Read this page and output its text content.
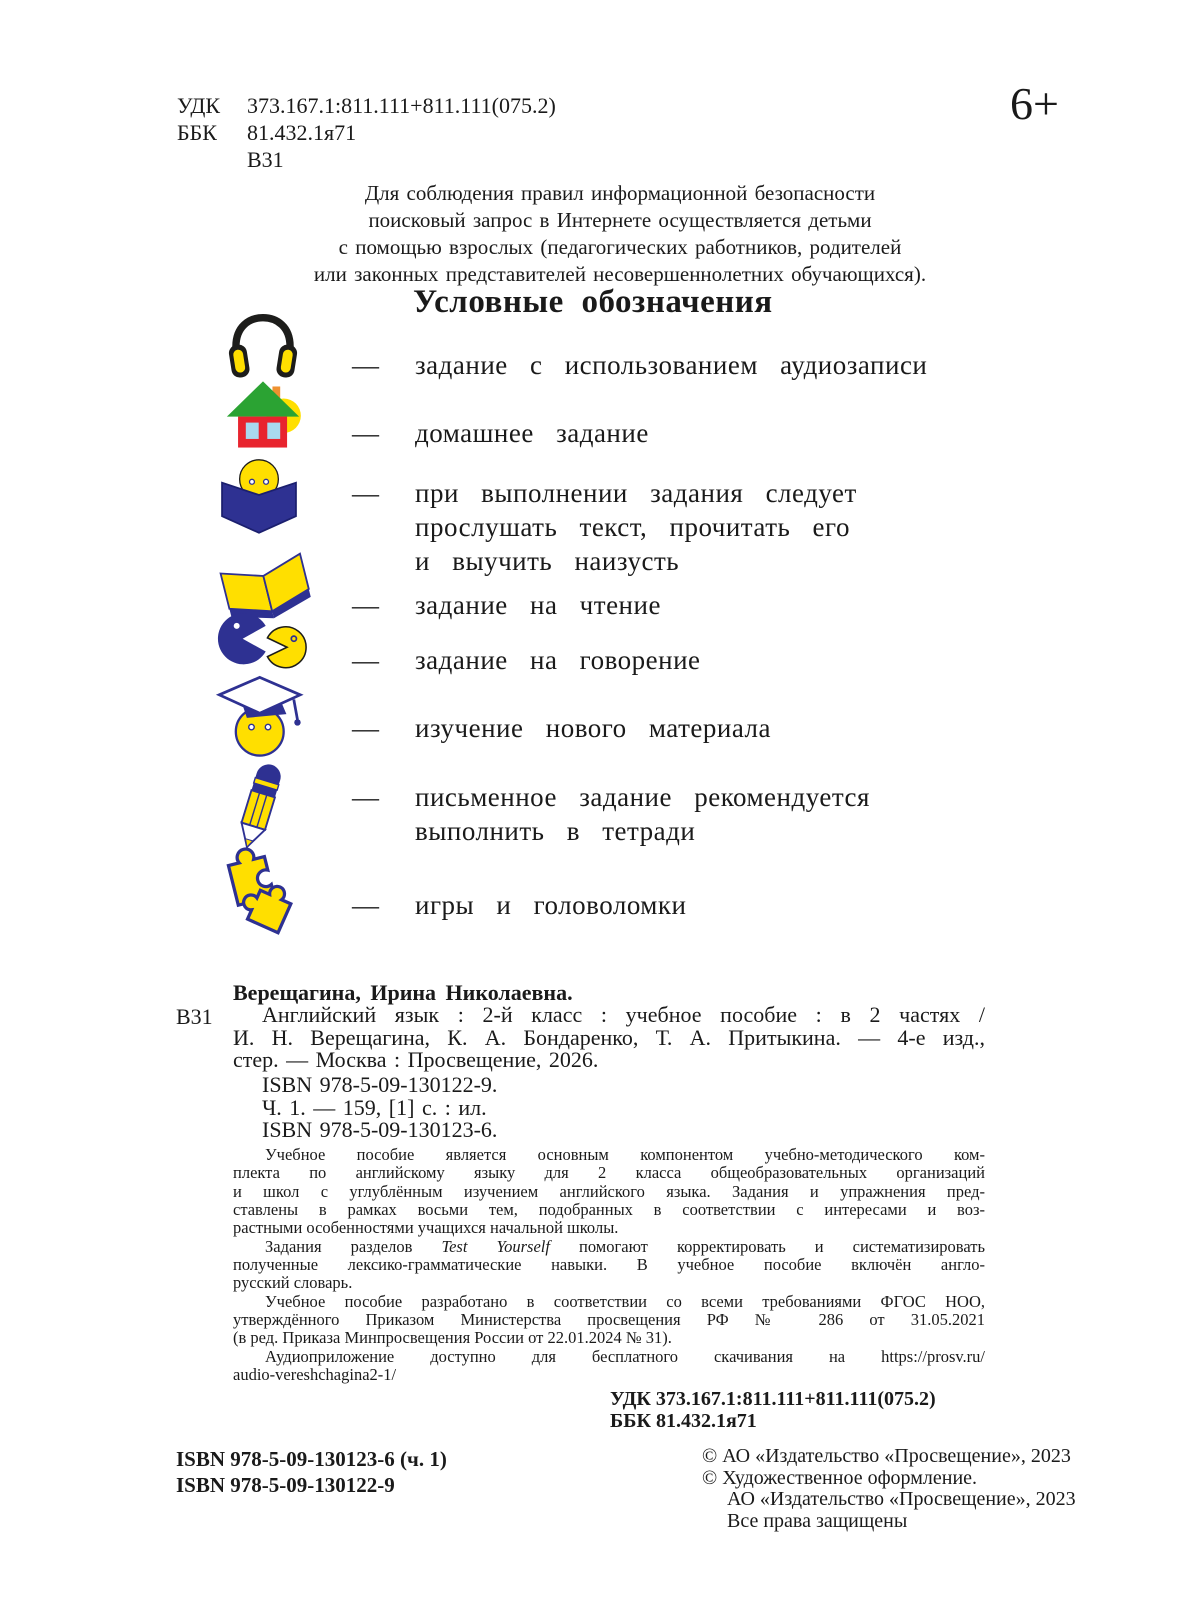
УДК	373.167.1:811.111+811.111(075.2)
ББК	81.432.1я71
В31
6+
Для соблюдения правил информационной безопасности
поисковый запрос в Интернете осуществляется детьми
с помощью взрослых (педагогических работников, родителей
или законных представителей несовершеннолетних обучающихся).
Условные обозначения
— задание с использованием аудиозаписи
— домашнее задание
— при выполнении задания следует
прослушать текст, прочитать его
и выучить наизусть
— задание на чтение
— задание на говорение
— изучение нового материала
— письменное задание рекомендуется
выполнить в тетради
— игры и головоломки
Верещагина, Ирина Николаевна.
В31	Английский язык : 2-й класс : учебное пособие : в 2 частях /
И. Н. Верещагина, К. А. Бондаренко, Т. А. Притыкина. — 4-е изд.,
стер. — Москва : Просвещение, 2026.
ISBN 978-5-09-130122-9.
Ч. 1. — 159, [1] с. : ил.
ISBN 978-5-09-130123-6.
Учебное пособие является основным компонентом учебно-методического ком-
плекта по английскому языку для 2 класса общеобразовательных организаций
и школ с углублённым изучением английского языка. Задания и упражнения пред-
ставлены в рамках восьми тем, подобранных в соответствии с интересами и воз-
растными особенностями учащихся начальной школы.
Задания разделов Test Yourself помогают корректировать и систематизировать
полученные лексико-грамматические навыки. В учебное пособие включён англо-
русский словарь.
Учебное пособие разработано в соответствии со всеми требованиями ФГОС НОО,
утверждённого Приказом Министерства просвещения РФ № 286 от 31.05.2021
(в ред. Приказа Минпросвещения России от 22.01.2024 № 31).
Аудиоприложение доступно для бесплатного скачивания на https://prosv.ru/
audio-vereshchagina2-1/
УДК 373.167.1:811.111+811.111(075.2)
ББК 81.432.1я71
ISBN 978-5-09-130123-6 (ч. 1)
ISBN 978-5-09-130122-9
© АО «Издательство «Просвещение», 2023
© Художественное оформление.
АО «Издательство «Просвещение», 2023
Все права защищены
